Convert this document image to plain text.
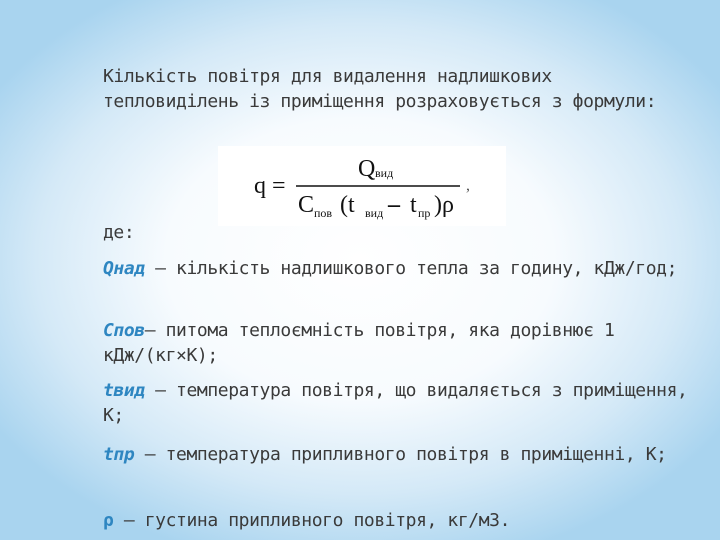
Кількість повітря для видалення надлишкових тепловиділень із приміщення розраховується з формули:
q =
Q вид
C пов (t вид – t пр )ρ
,
де:
Qнад – кількість надлишкового тепла за годину, кДж/год;
Спов– питома теплоємність повітря, яка дорівнює 1 кДж/(кг×К);
tвид – температура повітря, що видаляється з приміщення, К;
tпр – температура припливного повітря в приміщенні, К;
ρ – густина припливного повітря, кг/м3.
